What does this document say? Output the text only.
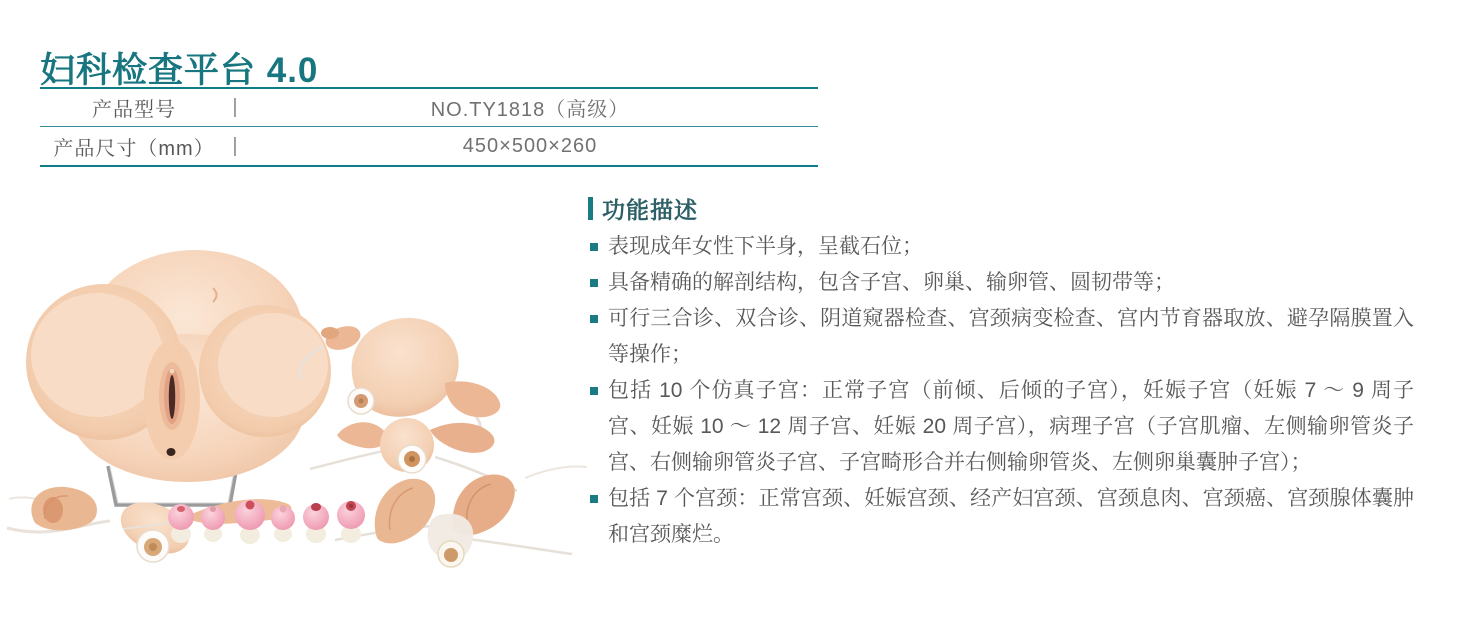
妇科检查平台 4.0
产品型号	|	NO.TY1818（高级）
产品尺寸（mm） |	450×500×260
功能描述
表现成年女性下半身，呈截石位；
具备精确的解剖结构，包含子宫、卵巢、输卵管、圆韧带等；
可行三合诊、双合诊、阴道窥器检查、宫颈病变检查、宫内节育器取放、避孕隔膜置入等操作；
包括 10 个仿真子宫：正常子宫（前倾、后倾的子宫），妊娠子宫（妊娠 7 ～ 9 周子宫、妊娠 10 ～ 12 周子宫、妊娠 20 周子宫），病理子宫（子宫肌瘤、左侧输卵管炎子宫、右侧输卵管炎子宫、子宫畸形合并右侧输卵管炎、左侧卵巢囊肿子宫）；
包括 7 个宫颈：正常宫颈、妊娠宫颈、经产妇宫颈、宫颈息肉、宫颈癌、宫颈腺体囊肿和宫颈糜烂。
